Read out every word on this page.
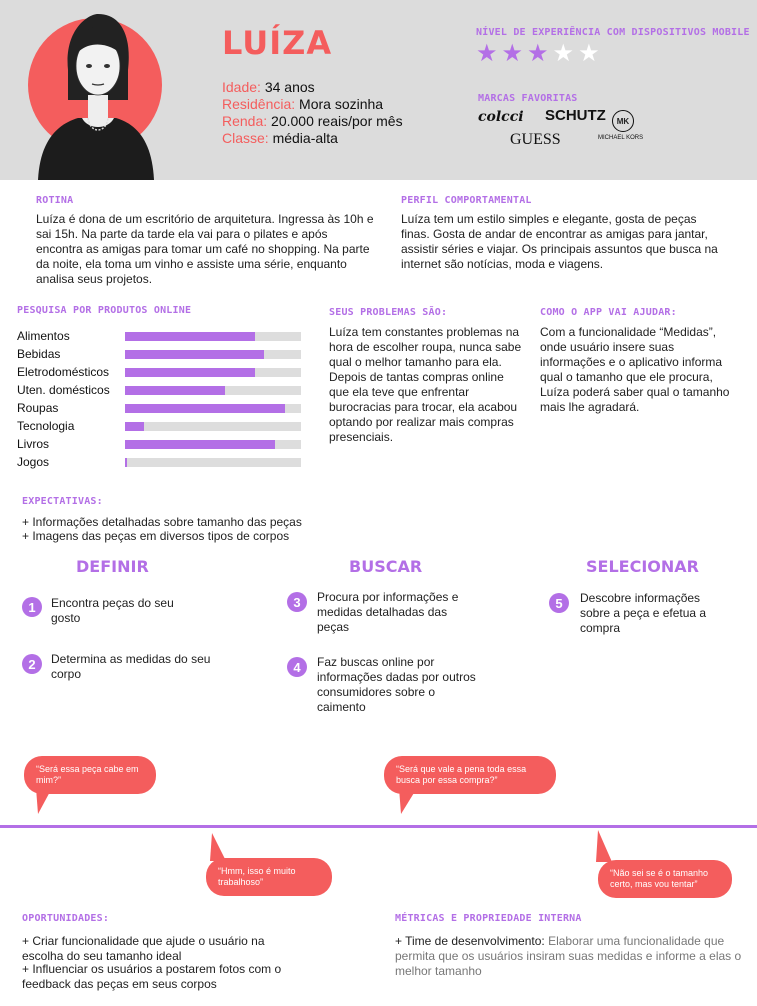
LUÍZA
Idade: 34 anos
Residência: Mora sozinha
Renda: 20.000 reais/por mês
Classe: média-alta
NÍVEL DE EXPERIÊNCIA COM DISPOSITIVOS MOBILE
★ ★ ★ ★ ★
MARCAS FAVORITAS
colcci SCHUTZ
GUESS
MK
MICHAEL KORS
ROTINA
Luíza é dona de um escritório de arquitetura. Ingressa às 10h e sai 15h. Na parte da tarde ela vai para o pilates e após encontra as amigas para tomar um café no shopping. Na parte da noite, ela toma um vinho e assiste uma série, enquanto analisa seus projetos.
PERFIL COMPORTAMENTAL
Luíza tem um estilo simples e elegante, gosta de peças finas. Gosta de andar de encontrar as amigas para jantar, assistir séries e viajar. Os principais assuntos que busca na internet são notícias, moda e viagens.
PESQUISA POR PRODUTOS ONLINE
Alimentos
Bebidas
Eletrodomésticos
Uten. domésticos
Roupas
Tecnologia
Livros
Jogos
SEUS PROBLEMAS SÃO:
Luíza tem constantes problemas na hora de escolher roupa, nunca sabe qual o melhor tamanho para ela. Depois de tantas compras online que ela teve que enfrentar burocracias para trocar, ela acabou optando por realizar mais compras presenciais.
COMO O APP VAI AJUDAR:
Com a funcionalidade “Medidas”, onde usuário insere suas informações e o aplicativo informa qual o tamanho que ele procura, Luíza poderá saber qual o tamanho mais lhe agradará.
EXPECTATIVAS:
+ Informações detalhadas sobre tamanho das peças
+ Imagens das peças em diversos tipos de corpos
DEFINIR	BUSCAR	SELECIONAR
1	Encontra peças do seu gosto
2	Determina as medidas do seu corpo
3	Procura por informações e medidas detalhadas das peças
4	Faz buscas online por informações dadas por outros consumidores sobre o caimento
5	Descobre informações sobre a peça e efetua a compra
“Será essa peça cabe em mim?”
“Será que vale a pena toda essa busca por essa compra?”
“Hmm, isso é muito trabalhoso”
“Não sei se é o tamanho certo, mas vou tentar”
OPORTUNIDADES:
+ Criar funcionalidade que ajude o usuário na escolha do seu tamanho ideal
+ Influenciar os usuários a postarem fotos com o feedback das peças em seus corpos
MÉTRICAS E PROPRIEDADE INTERNA
+ Time de desenvolvimento: Elaborar uma funcionalidade que permita que os usuários insiram suas medidas e informe a elas o melhor tamanho
